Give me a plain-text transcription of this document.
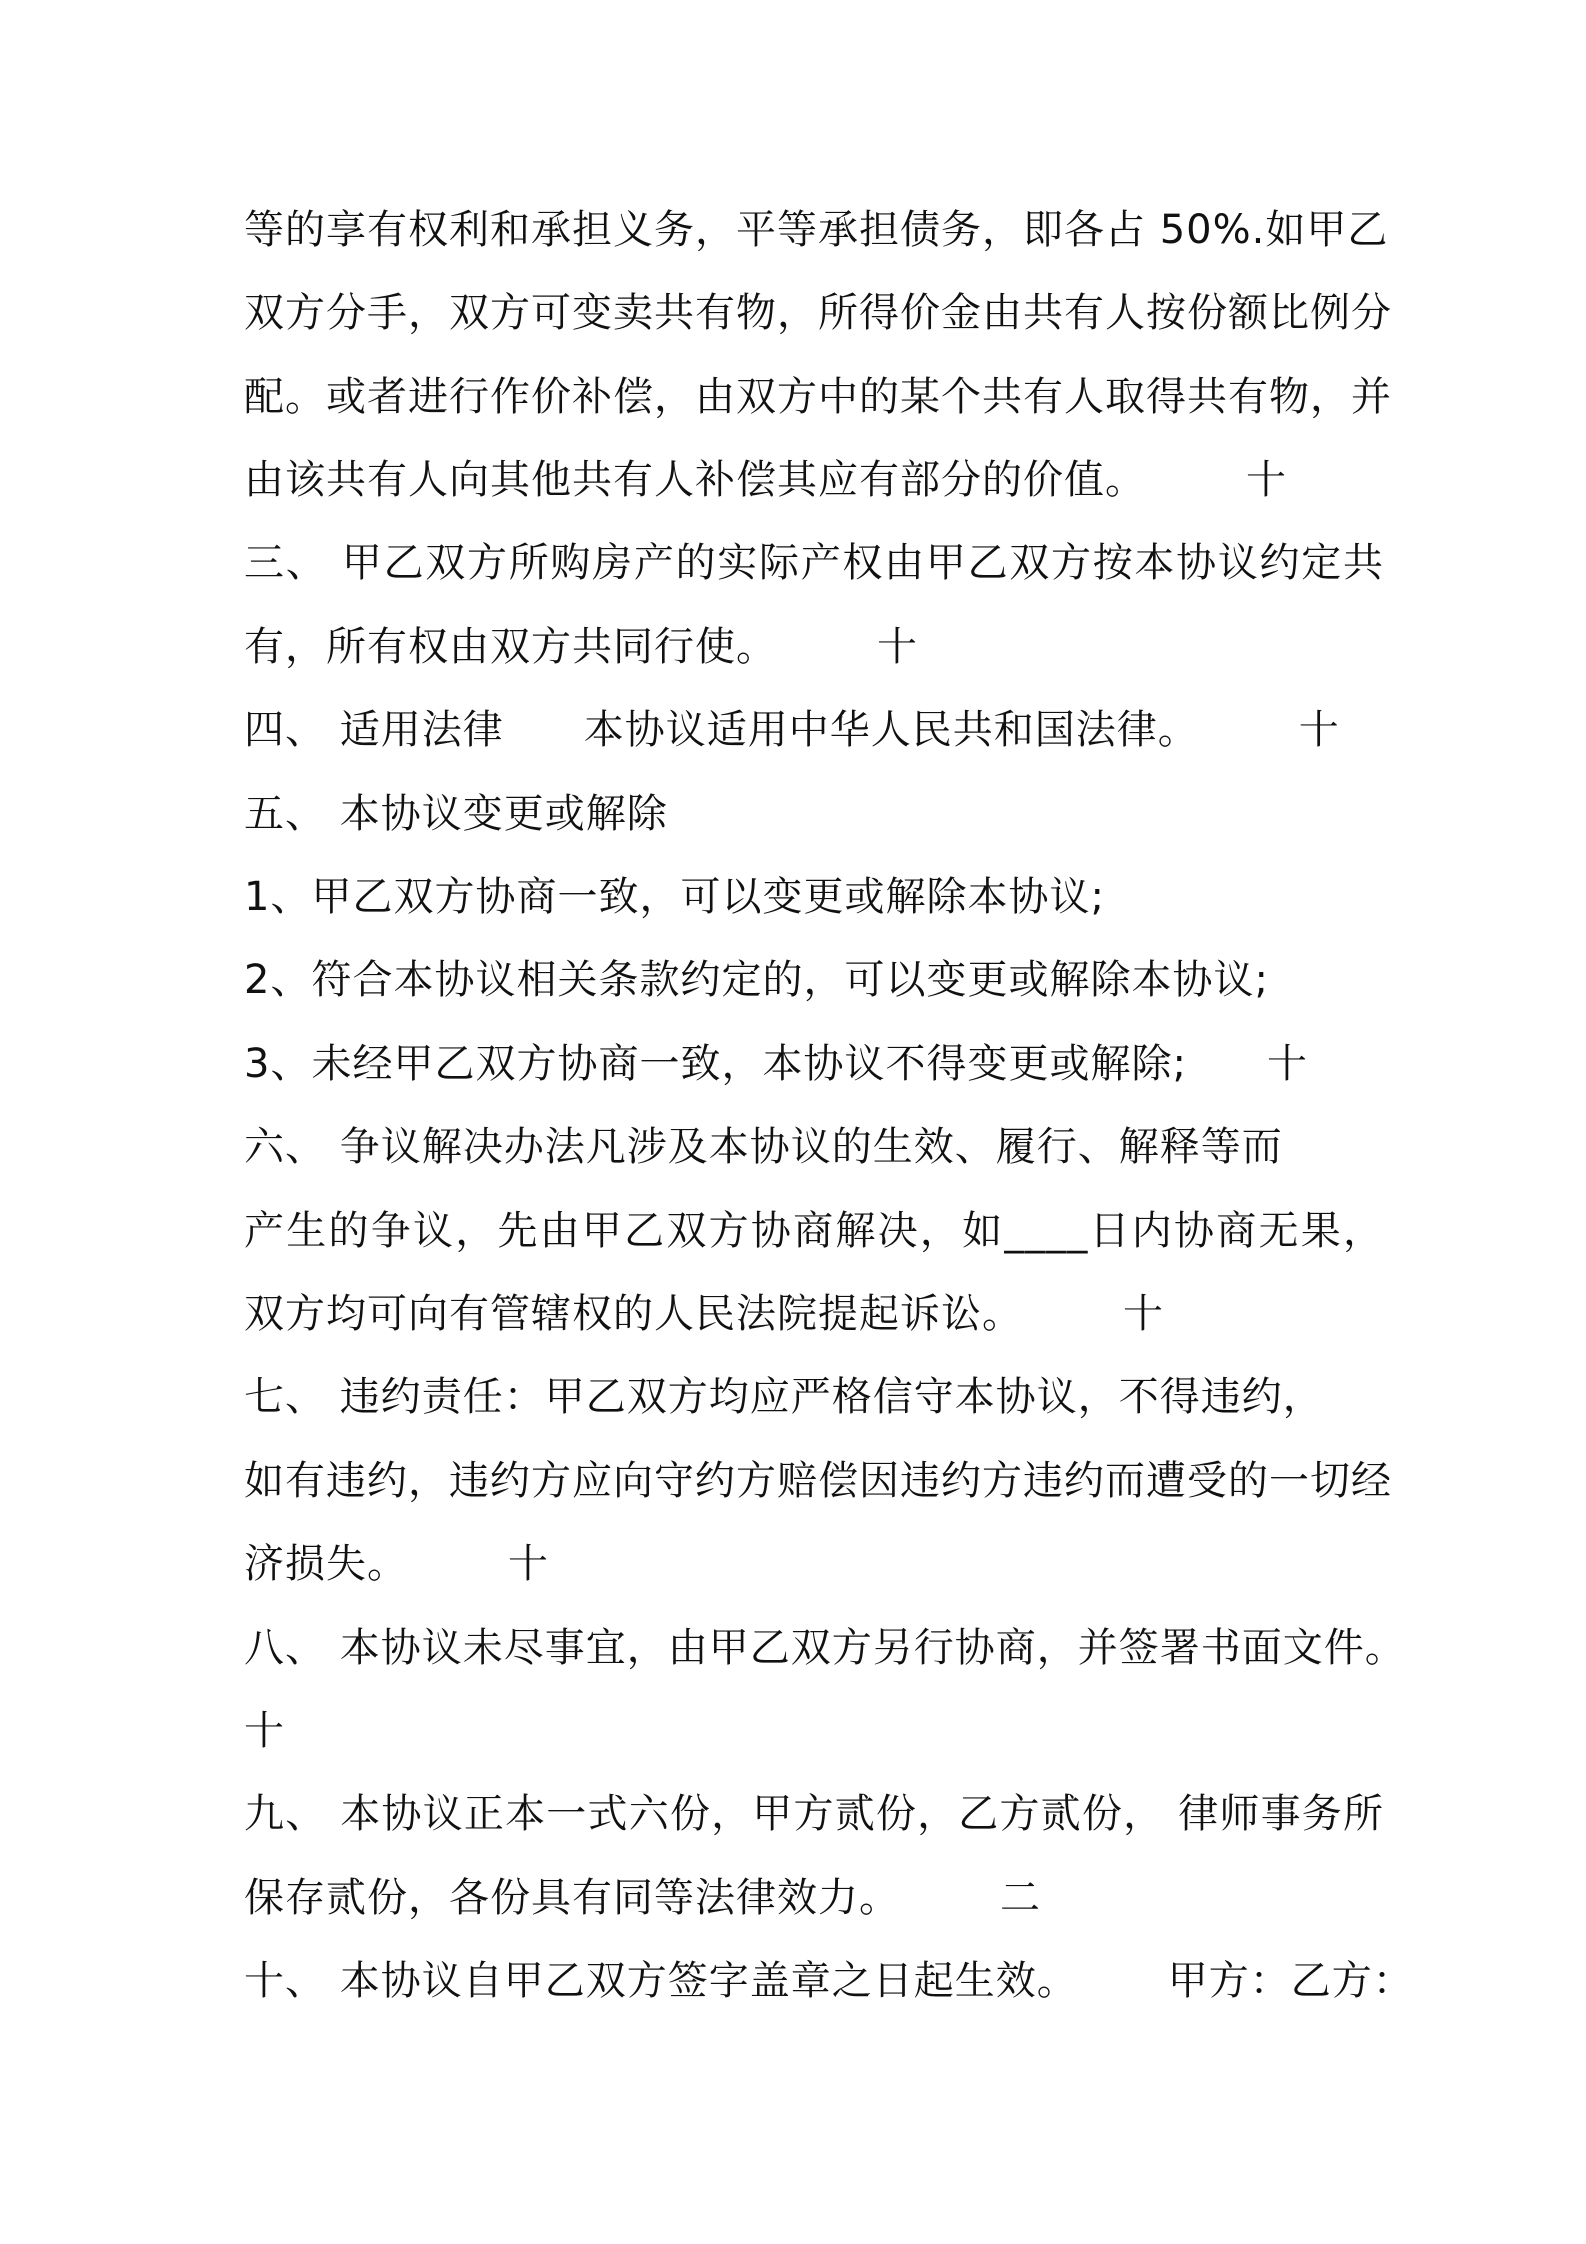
等的享有权利和承担义务，平等承担债务，即各占 50%.如甲乙
双方分手，双方可变卖共有物，所得价金由共有人按份额比例分
配。或者进行作价补偿，由双方中的某个共有人取得共有物，并
由该共有人向其他共有人补偿其应有部分的价值。	十
三、 甲乙双方所购房产的实际产权由甲乙双方按本协议约定共
有，所有权由双方共同行使。	十
四、 适用法律 本协议适用中华人民共和国法律。	十
五、 本协议变更或解除
1、甲乙双方协商一致，可以变更或解除本协议;
2、符合本协议相关条款约定的，可以变更或解除本协议;
3、未经甲乙双方协商一致，本协议不得变更或解除; 十
六、 争议解决办法凡涉及本协议的生效、履行、解释等而
产生的争议，先由甲乙双方协商解决，如____日内协商无果，
双方均可向有管辖权的人民法院提起诉讼。	十
七、 违约责任：甲乙双方均应严格信守本协议，不得违约，
如有违约，违约方应向守约方赔偿因违约方违约而遭受的一切经
济损失。	十
八、 本协议未尽事宜，由甲乙双方另行协商，并签署书面文件。
十
九、 本协议正本一式六份，甲方贰份，乙方贰份， 律师事务所
保存贰份，各份具有同等法律效力。	二
十、 本协议自甲乙双方签字盖章之日起生效。 甲方：乙方：
